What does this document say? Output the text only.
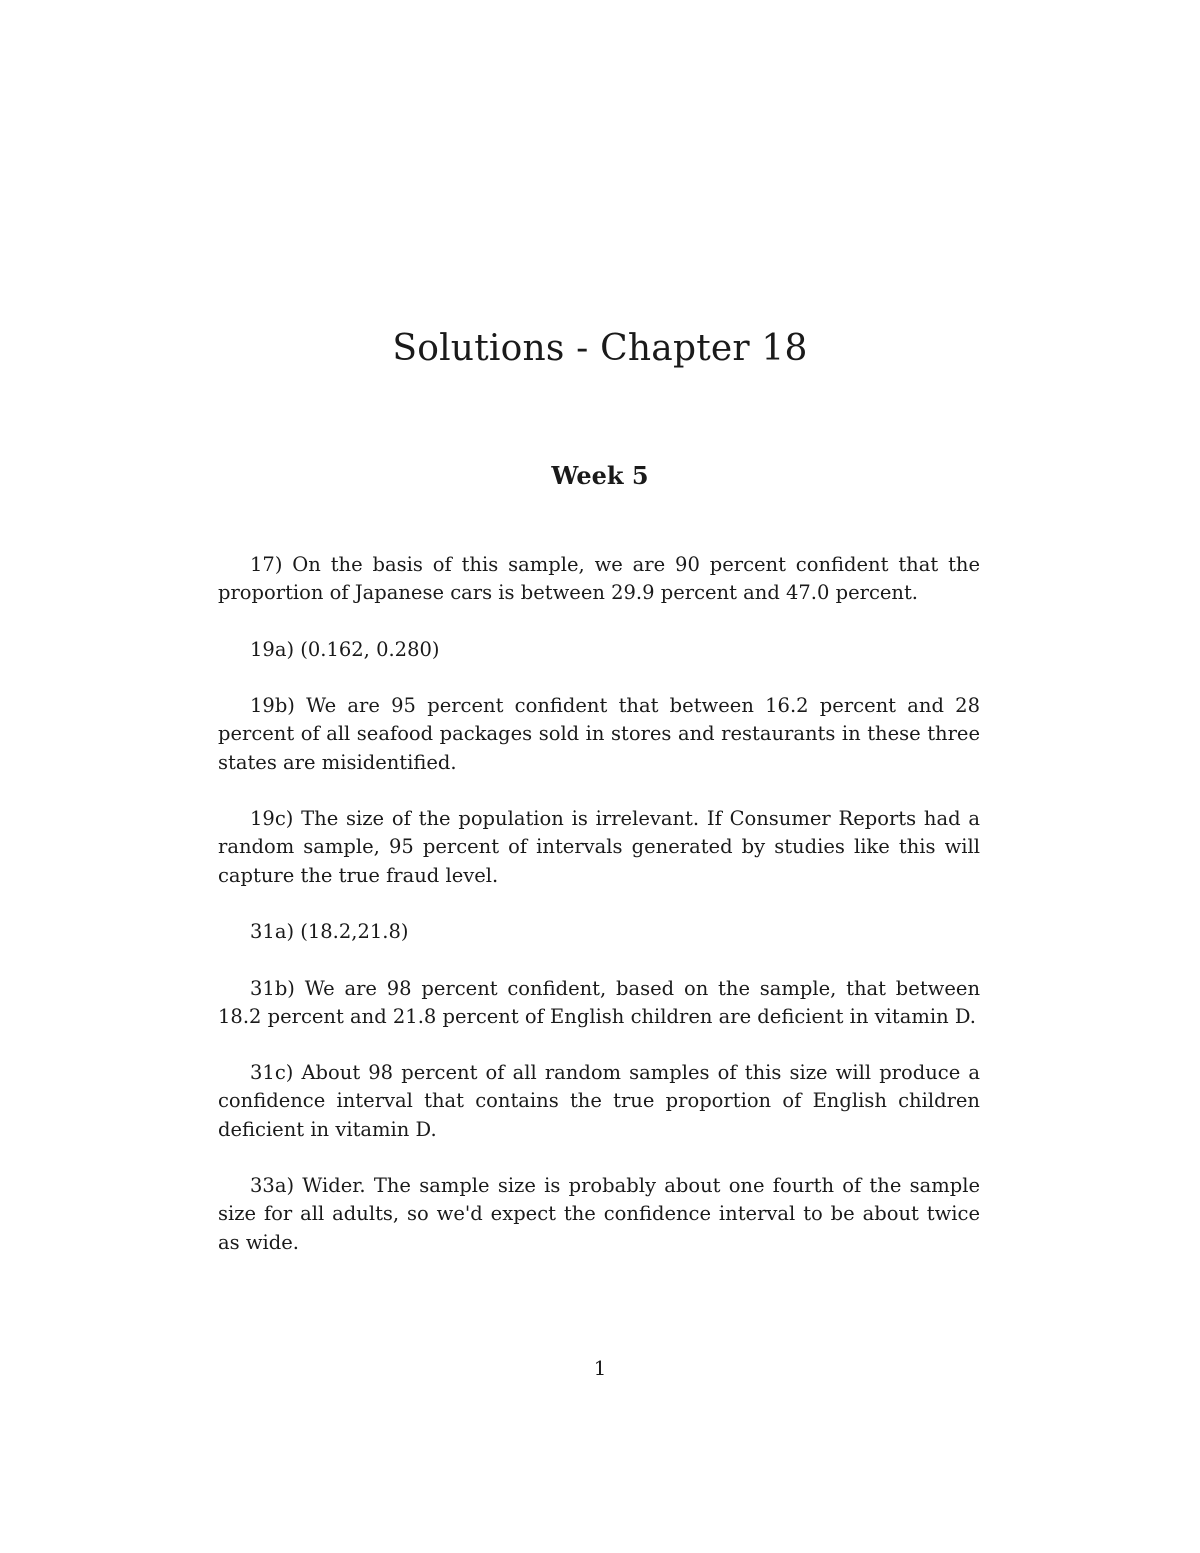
Solutions - Chapter 18
Week 5

17) On the basis of this sample, we are 90 percent confident that the proportion of Japanese cars is between 29.9 percent and 47.0 percent.

19a) (0.162, 0.280)

19b) We are 95 percent confident that between 16.2 percent and 28 percent of all seafood packages sold in stores and restaurants in these three states are misidentified.

19c) The size of the population is irrelevant. If Consumer Reports had a random sample, 95 percent of intervals generated by studies like this will capture the true fraud level.

31a) (18.2,21.8)

31b) We are 98 percent confident, based on the sample, that between 18.2 percent and 21.8 percent of English children are deficient in vitamin D.

31c) About 98 percent of all random samples of this size will produce a confidence interval that contains the true proportion of English children deficient in vitamin D.

33a) Wider. The sample size is probably about one fourth of the sample size for all adults, so we'd expect the confidence interval to be about twice as wide.

1
